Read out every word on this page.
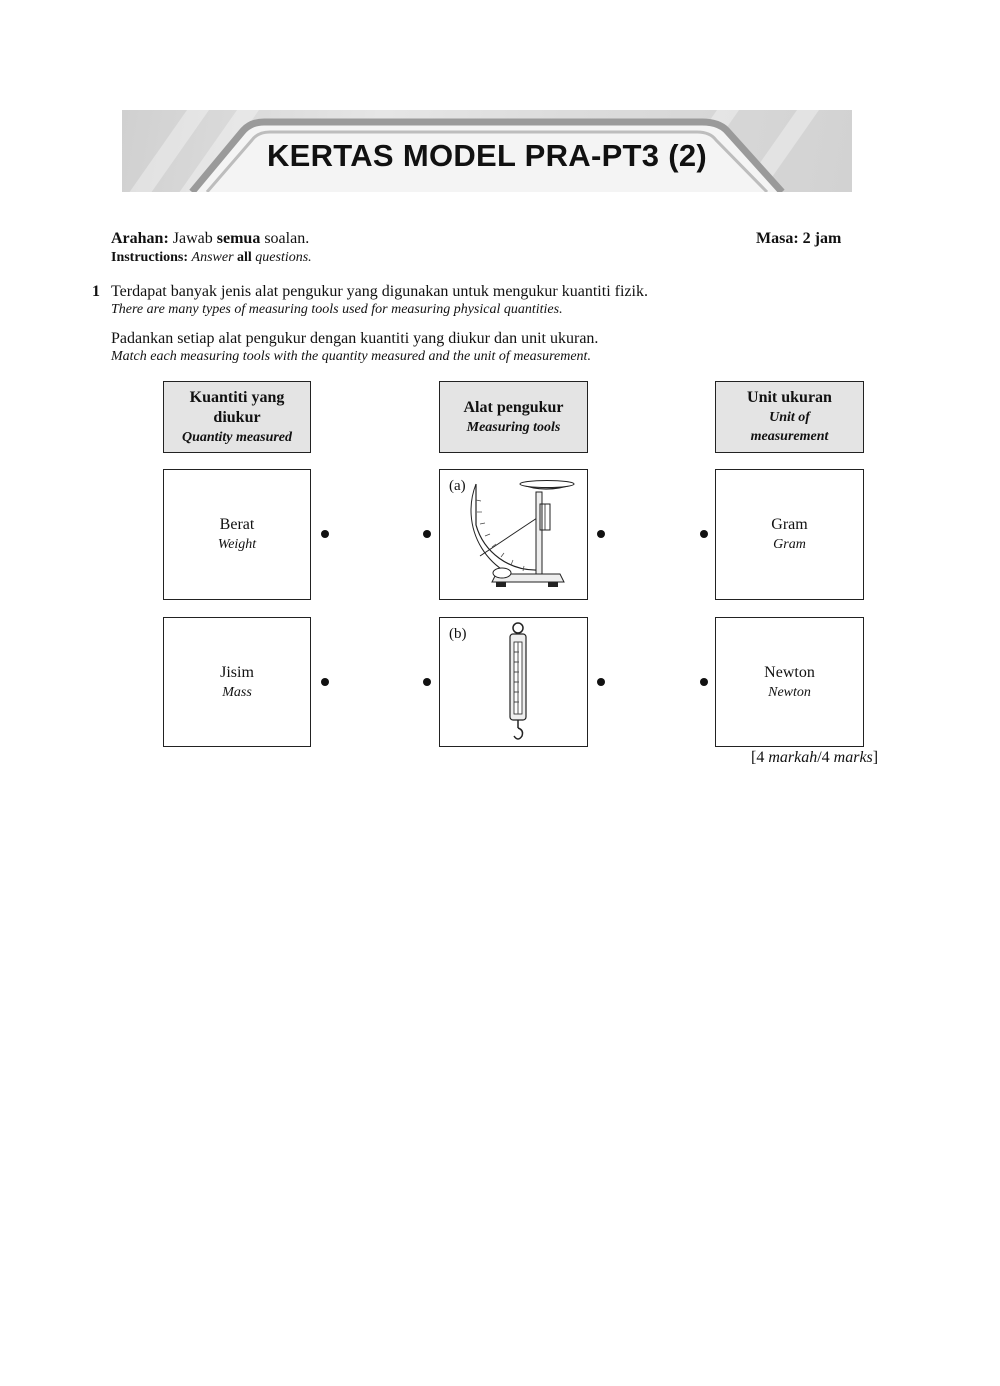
KERTAS MODEL PRA-PT3 (2)
Arahan: Jawab semua soalan.
Instructions: Answer all questions.
Masa: 2 jam
1 Terdapat banyak jenis alat pengukur yang digunakan untuk mengukur kuantiti fizik.
There are many types of measuring tools used for measuring physical quantities.
Padankan setiap alat pengukur dengan kuantiti yang diukur dan unit ukuran.
Match each measuring tools with the quantity measured and the unit of measurement.
Kuantiti yang
diukur
Quantity measured
Alat pengukur
Measuring tools
Unit ukuran
Unit of
measurement
Berat
Weight
(a)
Gram
Gram
Jisim
Mass
(b)
Newton
Newton
[4 markah/4 marks]
